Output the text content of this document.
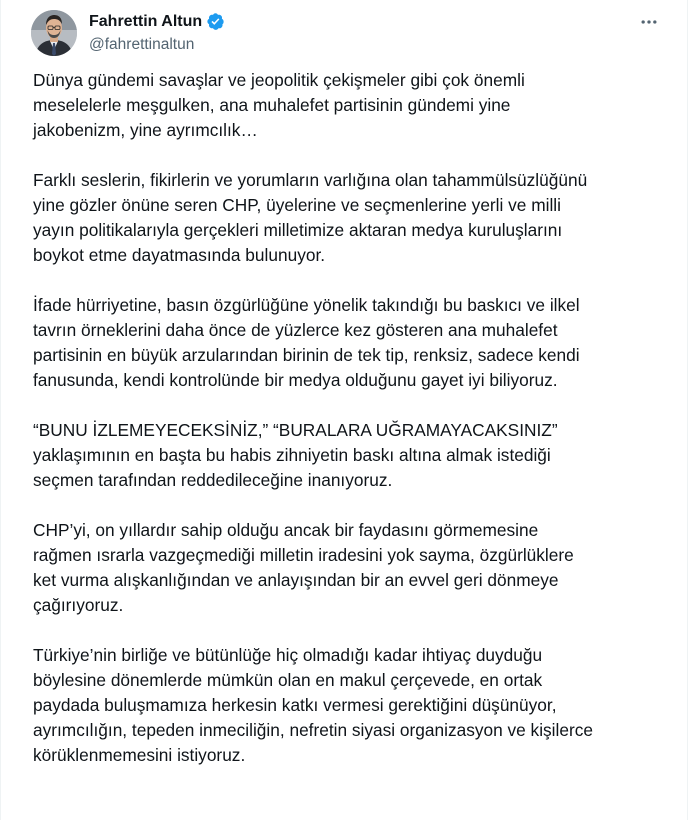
Fahrettin Altun
@fahrettinaltun

Dünya gündemi savaşlar ve jeopolitik çekişmeler gibi çok önemli
meselelerle meşgulken, ana muhalefet partisinin gündemi yine
jakobenizm, yine ayrımcılık…

Farklı seslerin, fikirlerin ve yorumların varlığına olan tahammülsüzlüğünü
yine gözler önüne seren CHP, üyelerine ve seçmenlerine yerli ve milli
yayın politikalarıyla gerçekleri milletimize aktaran medya kuruluşlarını
boykot etme dayatmasında bulunuyor.

İfade hürriyetine, basın özgürlüğüne yönelik takındığı bu baskıcı ve ilkel
tavrın örneklerini daha önce de yüzlerce kez gösteren ana muhalefet
partisinin en büyük arzularından birinin de tek tip, renksiz, sadece kendi
fanusunda, kendi kontrolünde bir medya olduğunu gayet iyi biliyoruz.

“BUNU İZLEMEYECEKSİNİZ,” “BURALARA UĞRAMAYACAKSINIZ”
yaklaşımının en başta bu habis zihniyetin baskı altına almak istediği
seçmen tarafından reddedileceğine inanıyoruz.

CHP’yi, on yıllardır sahip olduğu ancak bir faydasını görmemesine
rağmen ısrarla vazgeçmediği milletin iradesini yok sayma, özgürlüklere
ket vurma alışkanlığından ve anlayışından bir an evvel geri dönmeye
çağırıyoruz.

Türkiye’nin birliğe ve bütünlüğe hiç olmadığı kadar ihtiyaç duyduğu
böylesine dönemlerde mümkün olan en makul çerçevede, en ortak
paydada buluşmamıza herkesin katkı vermesi gerektiğini düşünüyor,
ayrımcılığın, tepeden inmeciliğin, nefretin siyasi organizasyon ve kişilerce
körüklenmemesini istiyoruz.
